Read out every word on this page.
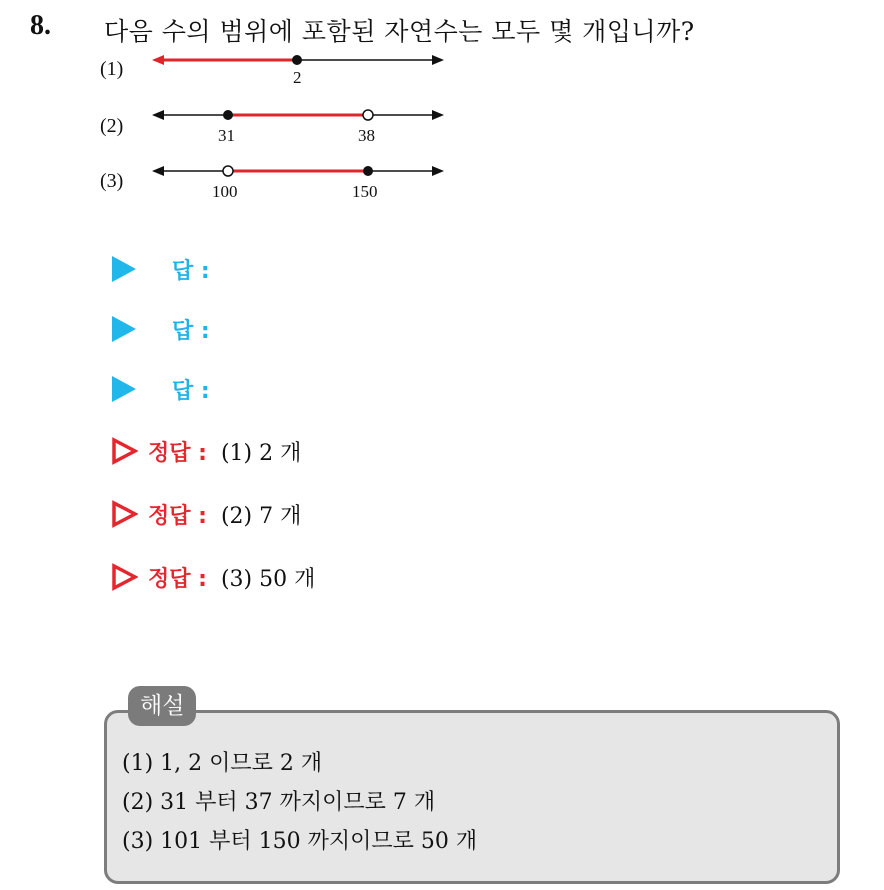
8. 다음 수의 범위에 포함된 자연수는 모두 몇 개입니까?
(1)
(2)
(3)
2
31	38
100	150
답 :
답 :
답 :
정답 : (1) 2 개
정답 : (2) 7 개
정답 : (3) 50 개
해설
(1) 1, 2 이므로 2 개
(2) 31 부터 37 까지이므로 7 개
(3) 101 부터 150 까지이므로 50 개
